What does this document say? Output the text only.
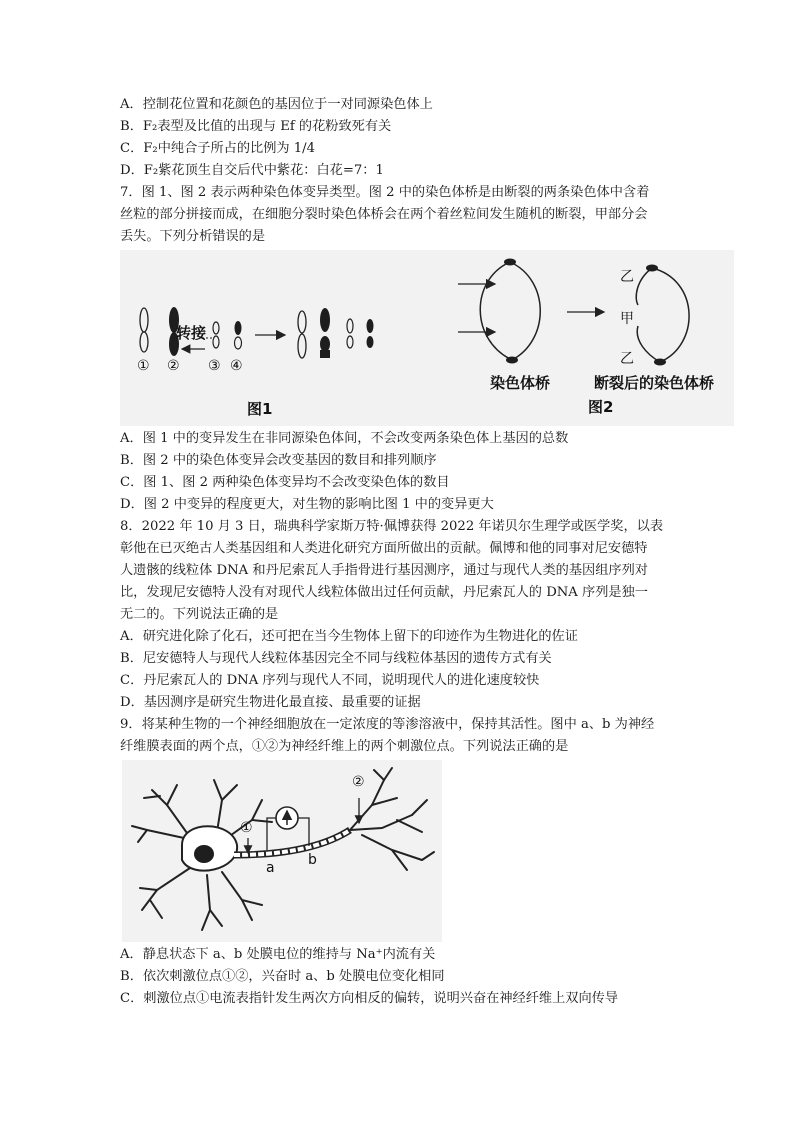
A．控制花位置和花颜色的基因位于一对同源染色体上
B．F₂表型及比值的出现与 Ef 的花粉致死有关
C．F₂中纯合子所占的比例为 1/4
D．F₂紫花顶生自交后代中紫花：白花=7：1
7．图 1、图 2 表示两种染色体变异类型。图 2 中的染色体桥是由断裂的两条染色体中含着
丝粒的部分拼接而成，在细胞分裂时染色体桥会在两个着丝粒间发生随机的断裂，甲部分会
丢失。下列分析错误的是
转接
① ② ③ ④
图1
染色体桥	断裂后的染色体桥
图2
乙
甲
乙
A．图 1 中的变异发生在非同源染色体间，不会改变两条染色体上基因的总数
B．图 2 中的染色体变异会改变基因的数目和排列顺序
C．图 1、图 2 两种染色体变异均不会改变染色体的数目
D．图 2 中变异的程度更大，对生物的影响比图 1 中的变异更大
8．2022 年 10 月 3 日，瑞典科学家斯万特·佩博获得 2022 年诺贝尔生理学或医学奖，以表
彰他在已灭绝古人类基因组和人类进化研究方面所做出的贡献。佩博和他的同事对尼安德特
人遗骸的线粒体 DNA 和丹尼索瓦人手指骨进行基因测序，通过与现代人类的基因组序列对
比，发现尼安德特人没有对现代人线粒体做出过任何贡献，丹尼索瓦人的 DNA 序列是独一
无二的。下列说法正确的是
A．研究进化除了化石，还可把在当今生物体上留下的印迹作为生物进化的佐证
B．尼安德特人与现代人线粒体基因完全不同与线粒体基因的遗传方式有关
C．丹尼索瓦人的 DNA 序列与现代人不同，说明现代人的进化速度较快
D．基因测序是研究生物进化最直接、最重要的证据
9．将某种生物的一个神经细胞放在一定浓度的等渗溶液中，保持其活性。图中 a、b 为神经
纤维膜表面的两个点，①②为神经纤维上的两个刺激位点。下列说法正确的是
①
②
a b
A．静息状态下 a、b 处膜电位的维持与 Na⁺内流有关
B．依次刺激位点①②，兴奋时 a、b 处膜电位变化相同
C．刺激位点①电流表指针发生两次方向相反的偏转，说明兴奋在神经纤维上双向传导
